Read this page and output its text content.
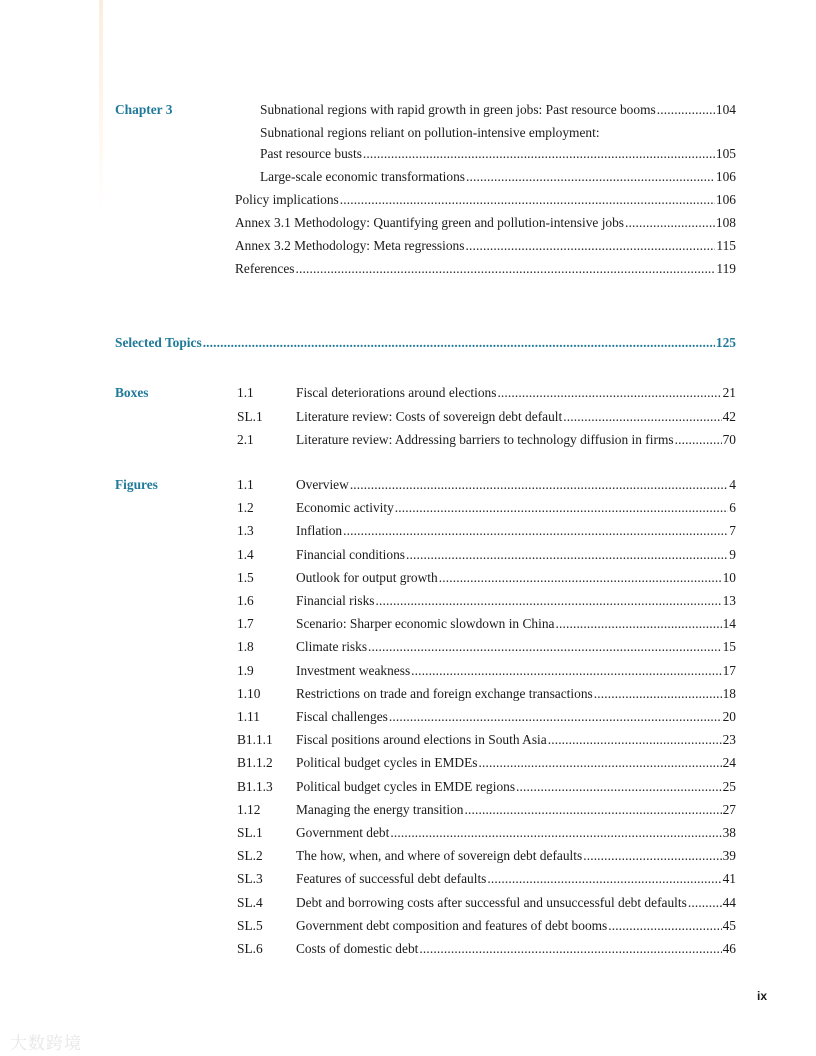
Chapter 3	Subnational regions with rapid growth in green jobs: Past resource booms . . .	104
Subnational regions reliant on pollution-intensive employment:
Past resource busts . . .	105
Large-scale economic transformations . . .	106
Policy implications . . .	106
Annex 3.1 Methodology: Quantifying green and pollution-intensive jobs . . .	108
Annex 3.2 Methodology: Meta regressions . . .	115
References . . .	119
Selected Topics . . .	125
Boxes	1.1	Fiscal deteriorations around elections . . .	21
SL.1 Literature review: Costs of sovereign debt default . . .	42
2.1	Literature review: Addressing barriers to technology diffusion in firms . . .	70
Figures	1.1	Overview . . .	4
1.2	Economic activity . . .	6
1.3	Inflation . . .	7
1.4	Financial conditions . . .	9
1.5	Outlook for output growth . . .	10
1.6	Financial risks . . .	13
1.7	Scenario: Sharper economic slowdown in China . . .	14
1.8	Climate risks . . .	15
1.9	Investment weakness . . .	17
1.10	Restrictions on trade and foreign exchange transactions . . .	18
1.11	Fiscal challenges . . .	20
B1.1.1 Fiscal positions around elections in South Asia . . .	23
B1.1.2 Political budget cycles in EMDEs . . .	24
B1.1.3 Political budget cycles in EMDE regions . . .	25
1.12	Managing the energy transition . . .	27
SL.1 Government debt . . .	38
SL.2 The how, when, and where of sovereign debt defaults . . .	39
SL.3 Features of successful debt defaults . . .	41
SL.4 Debt and borrowing costs after successful and unsuccessful debt defaults . . .	44
SL.5 Government debt composition and features of debt booms . . .	45
SL.6 Costs of domestic debt . . .	46
ix
大数跨境
